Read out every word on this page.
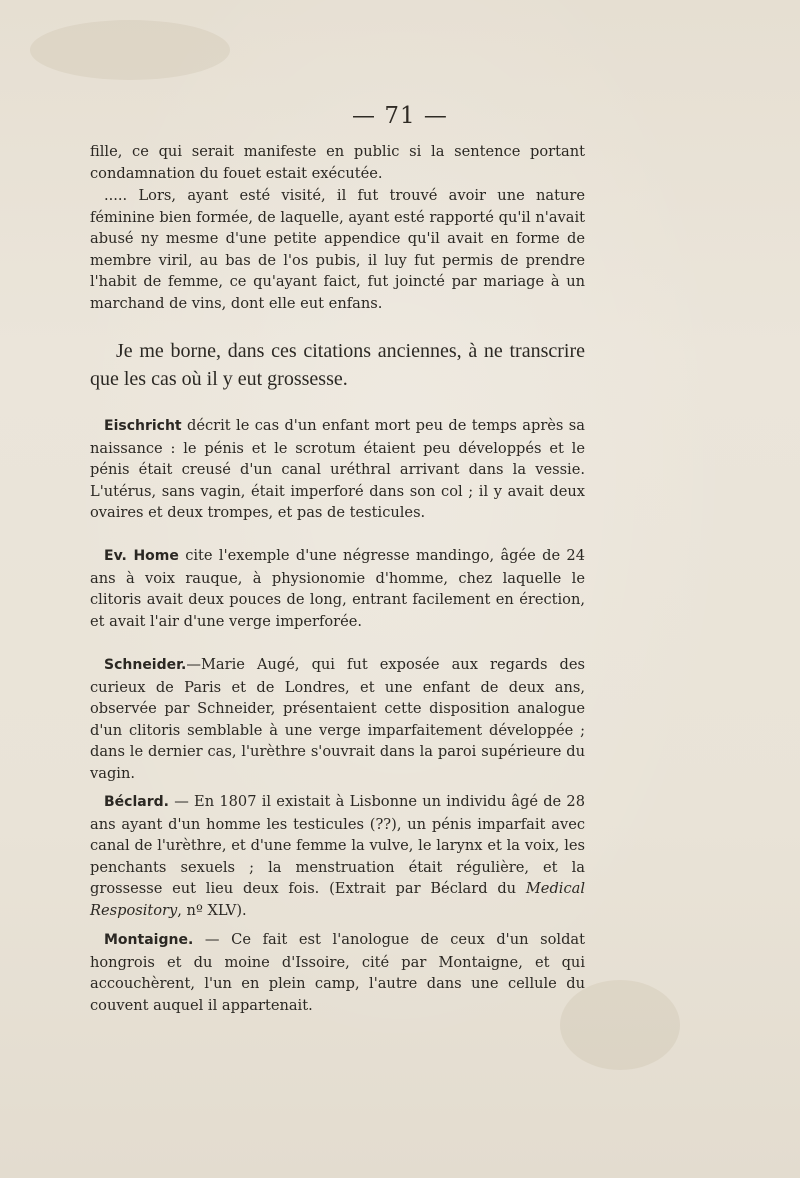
— 71 —
fille, ce qui serait manifeste en public si la sentence portant condamnation du fouet estait exécutée.
..... Lors, ayant esté visité, il fut trouvé avoir une nature féminine bien formée, de laquelle, ayant esté rapporté qu'il n'avait abusé ny mesme d'une petite appendice qu'il avait en forme de membre viril, au bas de l'os pubis, il luy fut permis de prendre l'habit de femme, ce qu'ayant faict, fut joincté par mariage à un marchand de vins, dont elle eut enfans.
Je me borne, dans ces citations anciennes, à ne transcrire que les cas où il y eut grossesse.
Eischricht décrit le cas d'un enfant mort peu de temps après sa naissance : le pénis et le scrotum étaient peu développés et le pénis était creusé d'un canal uréthral arrivant dans la vessie. L'utérus, sans vagin, était imperforé dans son col ; il y avait deux ovaires et deux trompes, et pas de testicules.
Ev. Home cite l'exemple d'une négresse mandingo, âgée de 24 ans à voix rauque, à physionomie d'homme, chez laquelle le clitoris avait deux pouces de long, entrant facilement en érection, et avait l'air d'une verge imperforée.
Schneider.—Marie Augé, qui fut exposée aux regards des curieux de Paris et de Londres, et une enfant de deux ans, observée par Schneider, présentaient cette disposition analogue d'un clitoris semblable à une verge imparfaitement développée ; dans le dernier cas, l'urèthre s'ouvrait dans la paroi supérieure du vagin.
Béclard. — En 1807 il existait à Lisbonne un individu âgé de 28 ans ayant d'un homme les testicules (??), un pénis imparfait avec canal de l'urèthre, et d'une femme la vulve, le larynx et la voix, les penchants sexuels ; la menstruation était régulière, et la grossesse eut lieu deux fois. (Extrait par Béclard du Medical Respository, nº XLV).
Montaigne. — Ce fait est l'anologue de ceux d'un soldat hongrois et du moine d'Issoire, cité par Montaigne, et qui accouchèrent, l'un en plein camp, l'autre dans une cellule du couvent auquel il appartenait.
